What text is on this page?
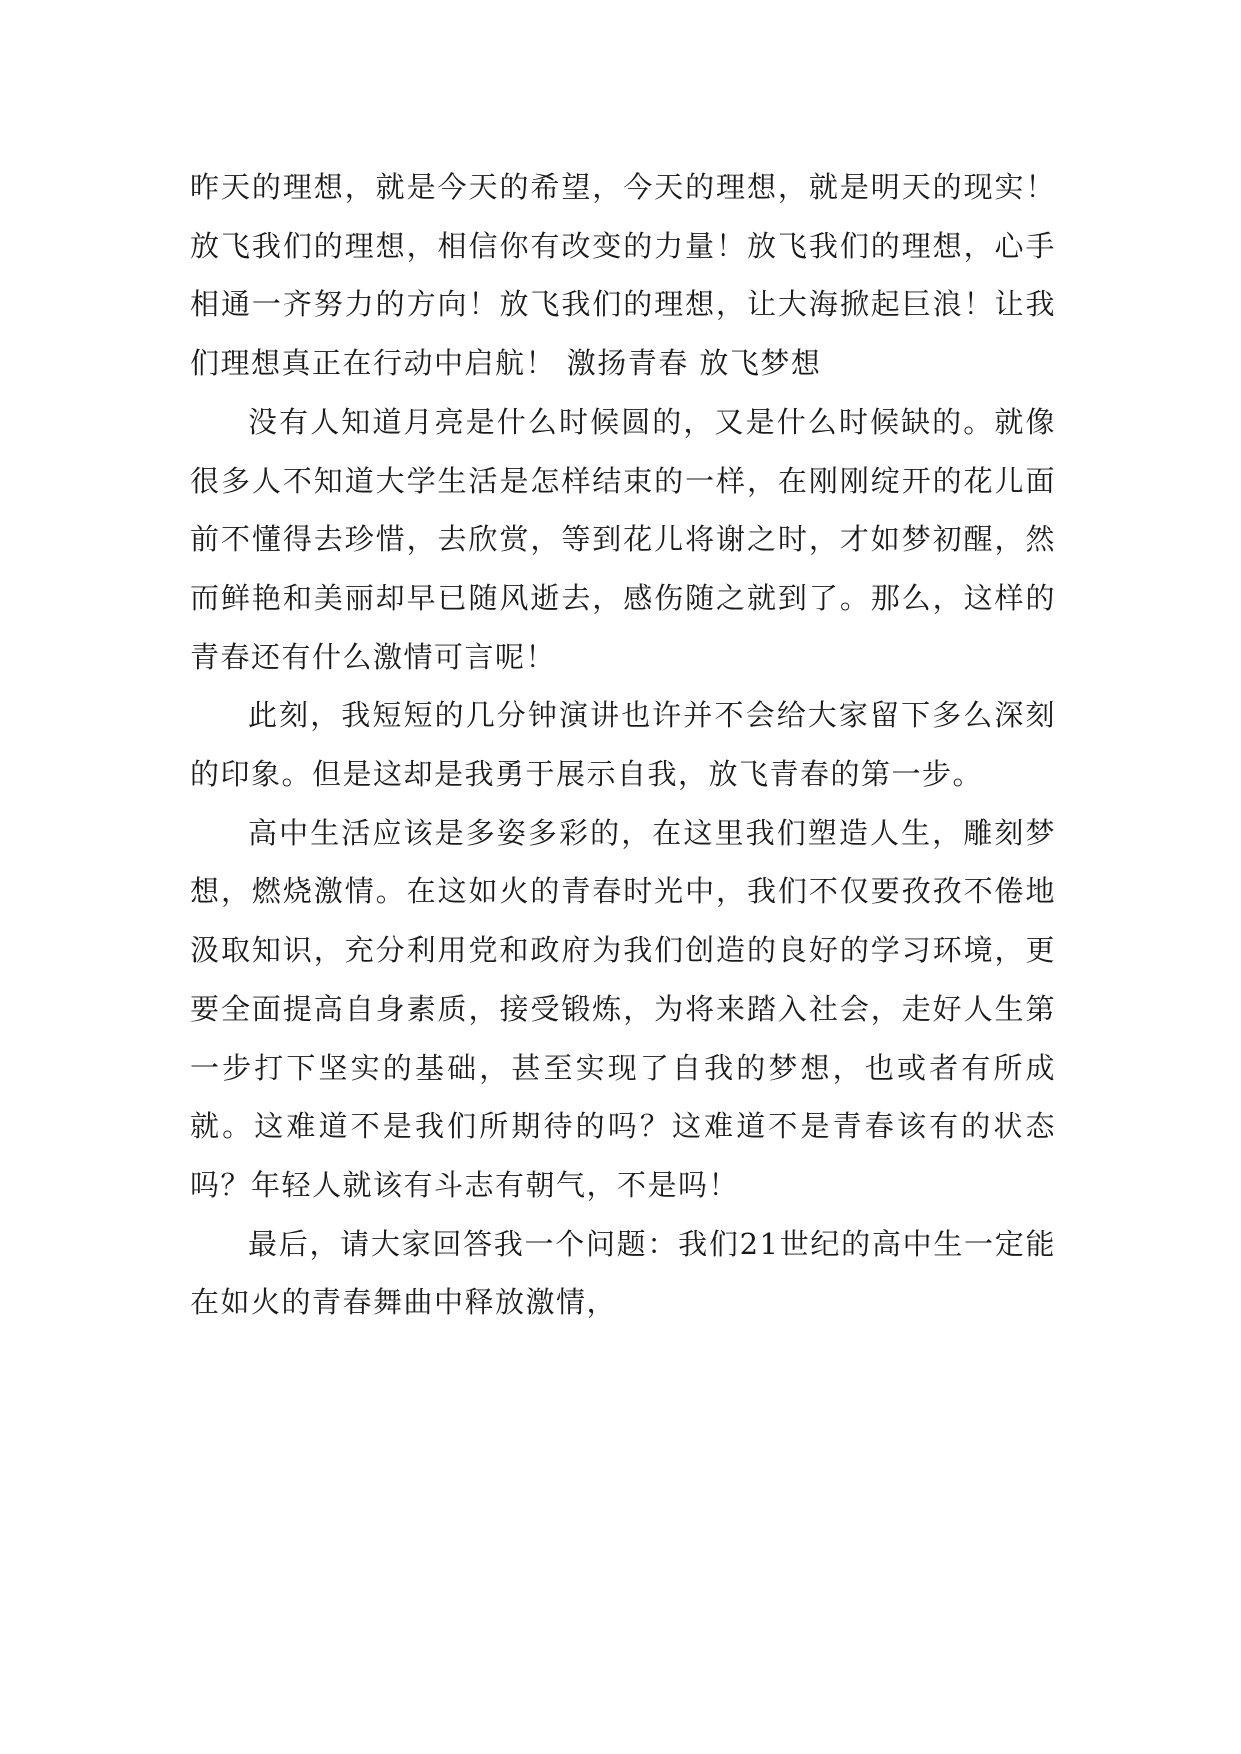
昨天的理想，就是今天的希望，今天的理想，就是明天的现实！放飞我们的理想，相信你有改变的力量！放飞我们的理想，心手相通一齐努力的方向！放飞我们的理想，让大海掀起巨浪！让我们理想真正在行动中启航！ 激扬青春 放飞梦想

没有人知道月亮是什么时候圆的，又是什么时候缺的。就像很多人不知道大学生活是怎样结束的一样，在刚刚绽开的花儿面前不懂得去珍惜，去欣赏，等到花儿将谢之时，才如梦初醒，然而鲜艳和美丽却早已随风逝去，感伤随之就到了。那么，这样的青春还有什么激情可言呢！

此刻，我短短的几分钟演讲也许并不会给大家留下多么深刻的印象。但是这却是我勇于展示自我，放飞青春的第一步。

高中生活应该是多姿多彩的，在这里我们塑造人生，雕刻梦想，燃烧激情。在这如火的青春时光中，我们不仅要孜孜不倦地汲取知识，充分利用党和政府为我们创造的良好的学习环境，更要全面提高自身素质，接受锻炼，为将来踏入社会，走好人生第一步打下坚实的基础，甚至实现了自我的梦想，也或者有所成就。这难道不是我们所期待的吗？这难道不是青春该有的状态吗？年轻人就该有斗志有朝气，不是吗！

最后，请大家回答我一个问题：我们21世纪的高中生一定能在如火的青春舞曲中释放激情，
